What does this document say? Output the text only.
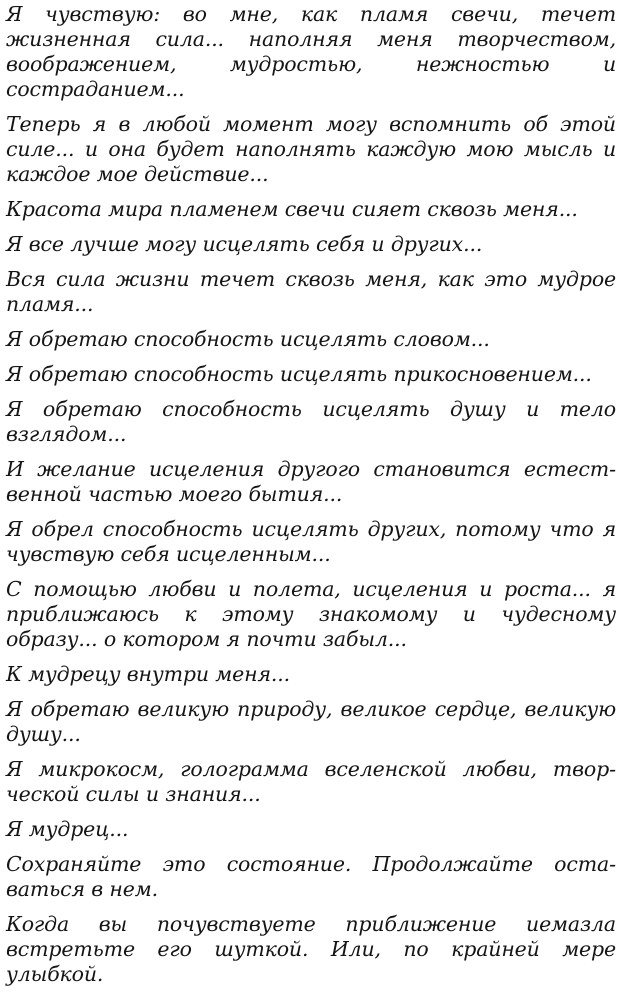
Я чувствую: во мне, как пламя свечи, течет жизненная сила... наполняя меня творчеством, воображением, мудростью, нежностью и состраданием...

Теперь я в любой момент могу вспомнить об этой силе... и она будет наполнять каждую мою мысль и каждое мое действие...

Красота мира пламенем свечи сияет сквозь меня...

Я все лучше могу исцелять себя и других...

Вся сила жизни течет сквозь меня, как это мудрое пламя...

Я обретаю способность исцелять словом...

Я обретаю способность исцелять прикосновением...

Я обретаю способность исцелять душу и тело взглядом...

И желание исцеления другого становится естественной частью моего бытия...

Я обрел способность исцелять других, потому что я чувствую себя исцеленным...

С помощью любви и полета, исцеления и роста... я приближаюсь к этому знакомому и чудесному образу... о котором я почти забыл...

К мудрецу внутри меня...

Я обретаю великую природу, великое сердце, великую душу...

Я микрокосм, голограмма вселенской любви, творческой силы и знания...

Я мудрец...

Сохраняйте это состояние. Продолжайте оставаться в нем.

Когда вы почувствуете приближение иемазла встретьте его шуткой. Или, по крайней мере улыбкой.
